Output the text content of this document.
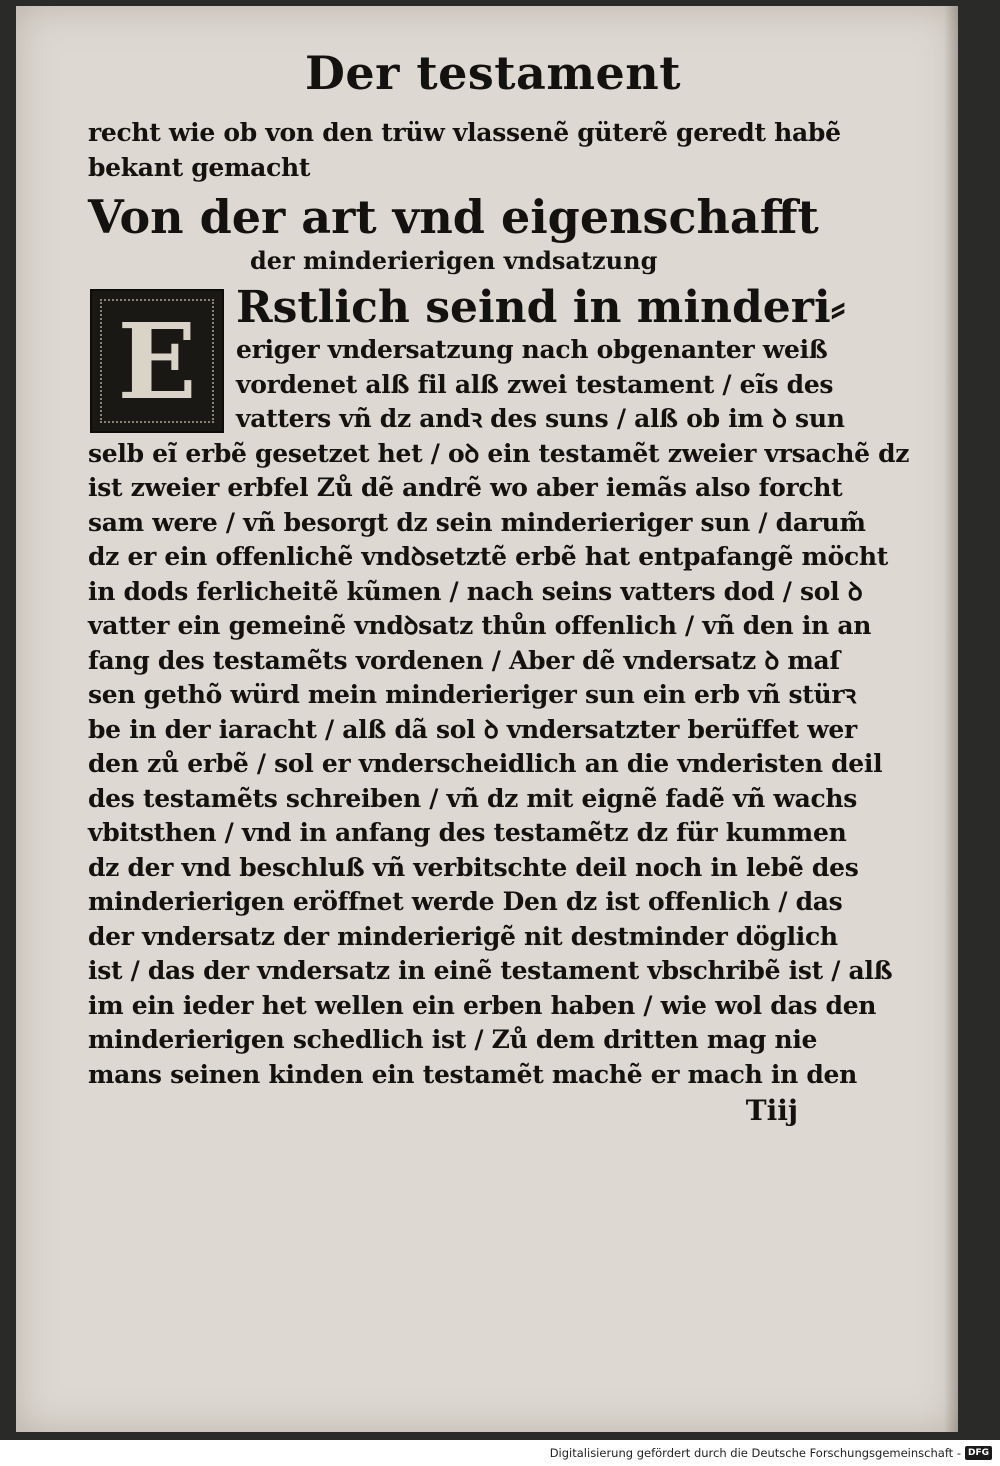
Der testament
recht wie ob von den trüw vlassenẽ güterẽ geredt habẽ
bekant gemacht
Von der art vnd eigenschafft
der minderierigen vndsatzung
E Rstlich seind in minderi⸗
eriger vndersatzung nach obgenanter weiß
vordenet alß fil alß zwei testament / eĩs des
vatters vñ dz andꝛ des suns / alß ob im ꝺ sun
selb eĩ erbẽ gesetzet het / oꝺ ein testamẽt zweier vrsachẽ dz
ist zweier erbfel Zů dẽ andrẽ wo aber iemãs also forcht
sam were / vñ besorgt dz sein minderieriger sun / darum̃
dz er ein offenlichẽ vndꝺsetztẽ erbẽ hat entpafangẽ möcht
in dods ferlicheitẽ kũmen / nach seins vatters dod / sol ꝺ
vatter ein gemeinẽ vndꝺsatz thůn offenlich / vñ den in an
fang des testamẽts vordenen / Aber dẽ vndersatz ꝺ maſ
sen gethõ würd mein minderieriger sun ein erb vñ stürꝛ
be in der iaracht / alß dã sol ꝺ vndersatzter berüffet wer
den zů erbẽ / sol er vnderscheidlich an die vnderisten deil
des testamẽts schreiben / vñ dz mit eignẽ fadẽ vñ wachs
vbitsthen / vnd in anfang des testamẽtz dz für kummen
dz der vnd beschluß vñ verbitschte deil noch in lebẽ des
minderierigen eröffnet werde Den dz ist offenlich / das
der vndersatz der minderierigẽ nit destminder döglich
ist / das der vndersatz in einẽ testament vbschribẽ ist / alß
im ein ieder het wellen ein erben haben / wie wol das den
minderierigen schedlich ist / Zů dem dritten mag nie
mans seinen kinden ein testamẽt machẽ er mach in den
Tiij
Digitalisierung gefördert durch die Deutsche Forschungsgemeinschaft - DFG
